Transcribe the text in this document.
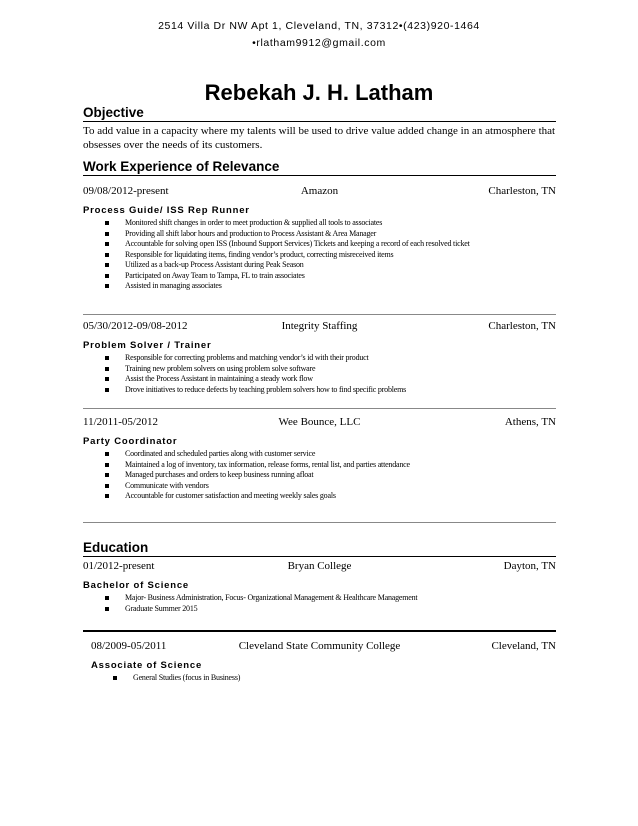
2514 Villa Dr NW Apt 1, Cleveland, TN, 37312•(423)920-1464
•rlatham9912@gmail.com
Rebekah J. H. Latham
Objective
To add value in a capacity where my talents will be used to drive value added change in an atmosphere that obsesses over the needs of its customers.
Work Experience of Relevance
09/08/2012-present	Amazon	Charleston, TN
Process Guide/ ISS Rep Runner
Monitored shift changes in order to meet production & supplied all tools to associates
Providing all shift labor hours and production to Process Assistant & Area Manager
Accountable for solving open ISS (Inbound Support Services) Tickets and keeping a record of each resolved ticket
Responsible for liquidating items, finding vendor’s product, correcting misreceived items
Utilized as a back-up Process Assistant during Peak Season
Participated on Away Team to Tampa, FL to train associates
Assisted in managing associates
05/30/2012-09/08-2012	Integrity Staffing	Charleston, TN
Problem Solver / Trainer
Responsible for correcting problems and matching vendor’s id with their product
Training new problem solvers on using problem solve software
Assist the Process Assistant in maintaining a steady work flow
Drove initiatives to reduce defects by teaching problem solvers how to find specific problems
11/2011-05/2012	Wee Bounce, LLC	Athens, TN
Party Coordinator
Coordinated and scheduled parties along with customer service
Maintained a log of inventory, tax information, release forms, rental list, and parties attendance
Managed purchases and orders to keep business running afloat
Communicate with vendors
Accountable for customer satisfaction and meeting weekly sales goals
Education
01/2012-present	Bryan College	Dayton, TN
Bachelor of Science
Major- Business Administration, Focus- Organizational Management & Healthcare Management
Graduate Summer 2015
08/2009-05/2011	Cleveland State Community College	Cleveland, TN
Associate of Science
General Studies (focus in Business)
